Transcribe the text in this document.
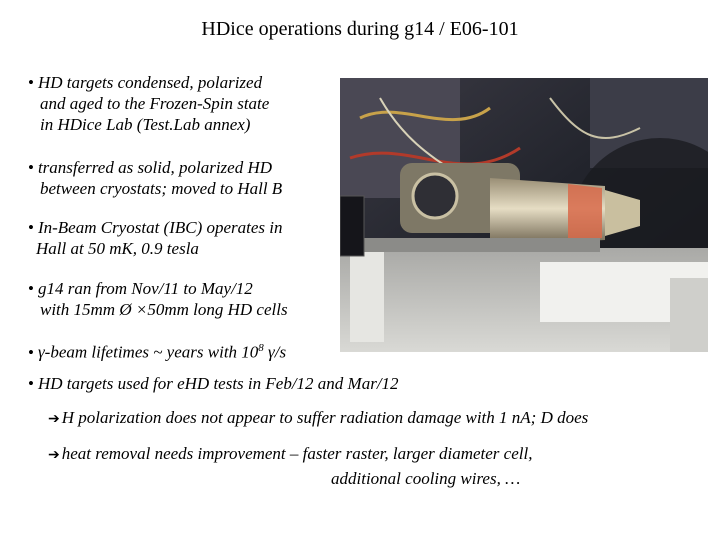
HDice operations during g14 / E06-101
• HD targets condensed, polarized
and aged to the Frozen-Spin state
in HDice Lab (Test.Lab annex)
• transferred as solid, polarized HD
between cryostats; moved to Hall B
• In-Beam Cryostat (IBC) operates in
Hall at 50 mK, 0.9 tesla
• g14 ran from Nov/11 to May/12
with 15mm Ø ×50mm long HD cells
• γ-beam lifetimes ~ years with $10^8$ γ/s
• HD targets used for eHD tests in Feb/12 and Mar/12
➔ H polarization does not appear to suffer radiation damage with 1 nA; D does
➔ heat removal needs improvement – faster raster, larger diameter cell,
additional cooling wires, …
